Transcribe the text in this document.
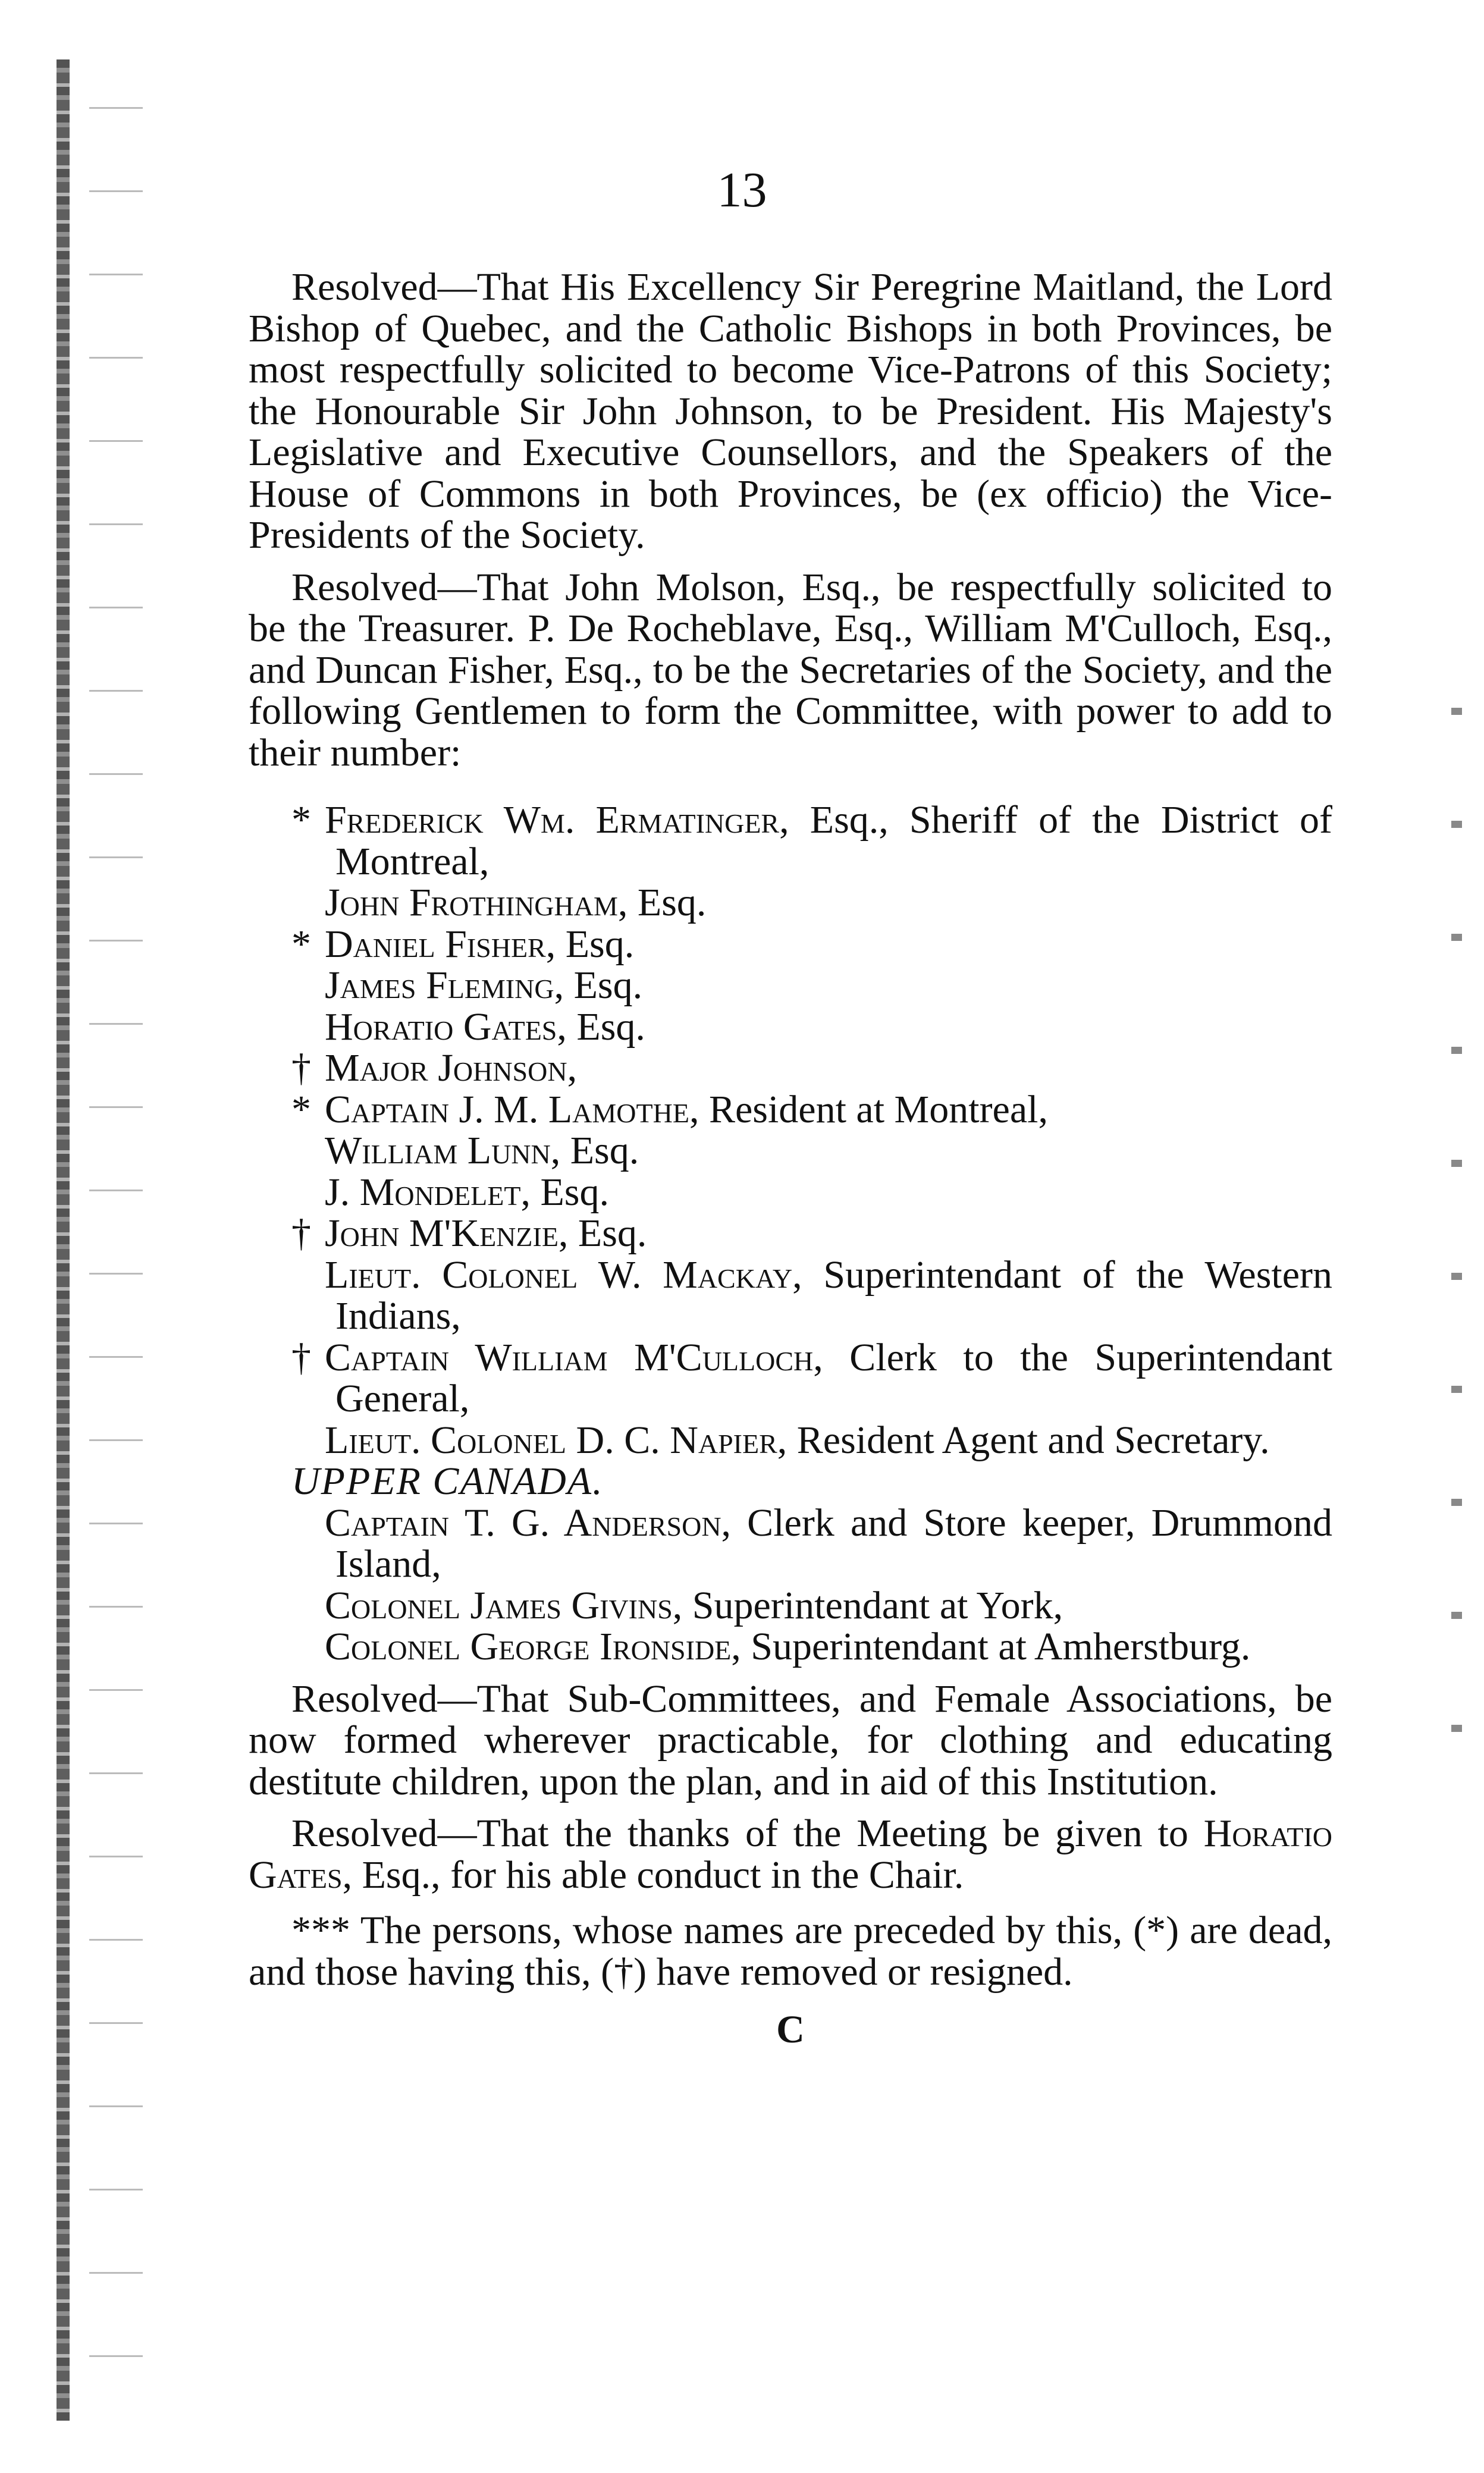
13

Resolved—That His Excellency Sir Peregrine Maitland, the Lord Bishop of Quebec, and the Catholic Bishops in both Provinces, be most respectfully solicited to become Vice-Patrons of this Society; the Honourable Sir John Johnson, to be President. His Majesty's Legislative and Executive Counsellors, and the Speakers of the House of Commons in both Provinces, be (ex officio) the Vice-Presidents of the Society.

Resolved—That John Molson, Esq., be respectfully solicited to be the Treasurer. P. De Rocheblave, Esq., William M'Culloch, Esq., and Duncan Fisher, Esq., to be the Secretaries of the Society, and the following Gentlemen to form the Committee, with power to add to their number:

* Frederick Wm. Ermatinger, Esq., Sheriff of the District of Montreal,
John Frothingham, Esq.
* Daniel Fisher, Esq.
James Fleming, Esq.
Horatio Gates, Esq.
† Major Johnson,
* Captain J. M. Lamothe, Resident at Montreal,
William Lunn, Esq.
J. Mondelet, Esq.
† John M'Kenzie, Esq.
Lieut. Colonel W. Mackay, Superintendant of the Western Indians,
† Captain William M'Culloch, Clerk to the Superintendant General,
Lieut. Colonel D. C. Napier, Resident Agent and Secretary.
UPPER CANADA.
Captain T. G. Anderson, Clerk and Store keeper, Drummond Island,
Colonel James Givins, Superintendant at York,
Colonel George Ironside, Superintendant at Amherstburg.

Resolved—That Sub-Committees, and Female Associations, be now formed wherever practicable, for clothing and educating destitute children, upon the plan, and in aid of this Institution.

Resolved—That the thanks of the Meeting be given to Horatio Gates, Esq., for his able conduct in the Chair.

*** The persons, whose names are preceded by this, (*) are dead, and those having this, (†) have removed or resigned.

C
